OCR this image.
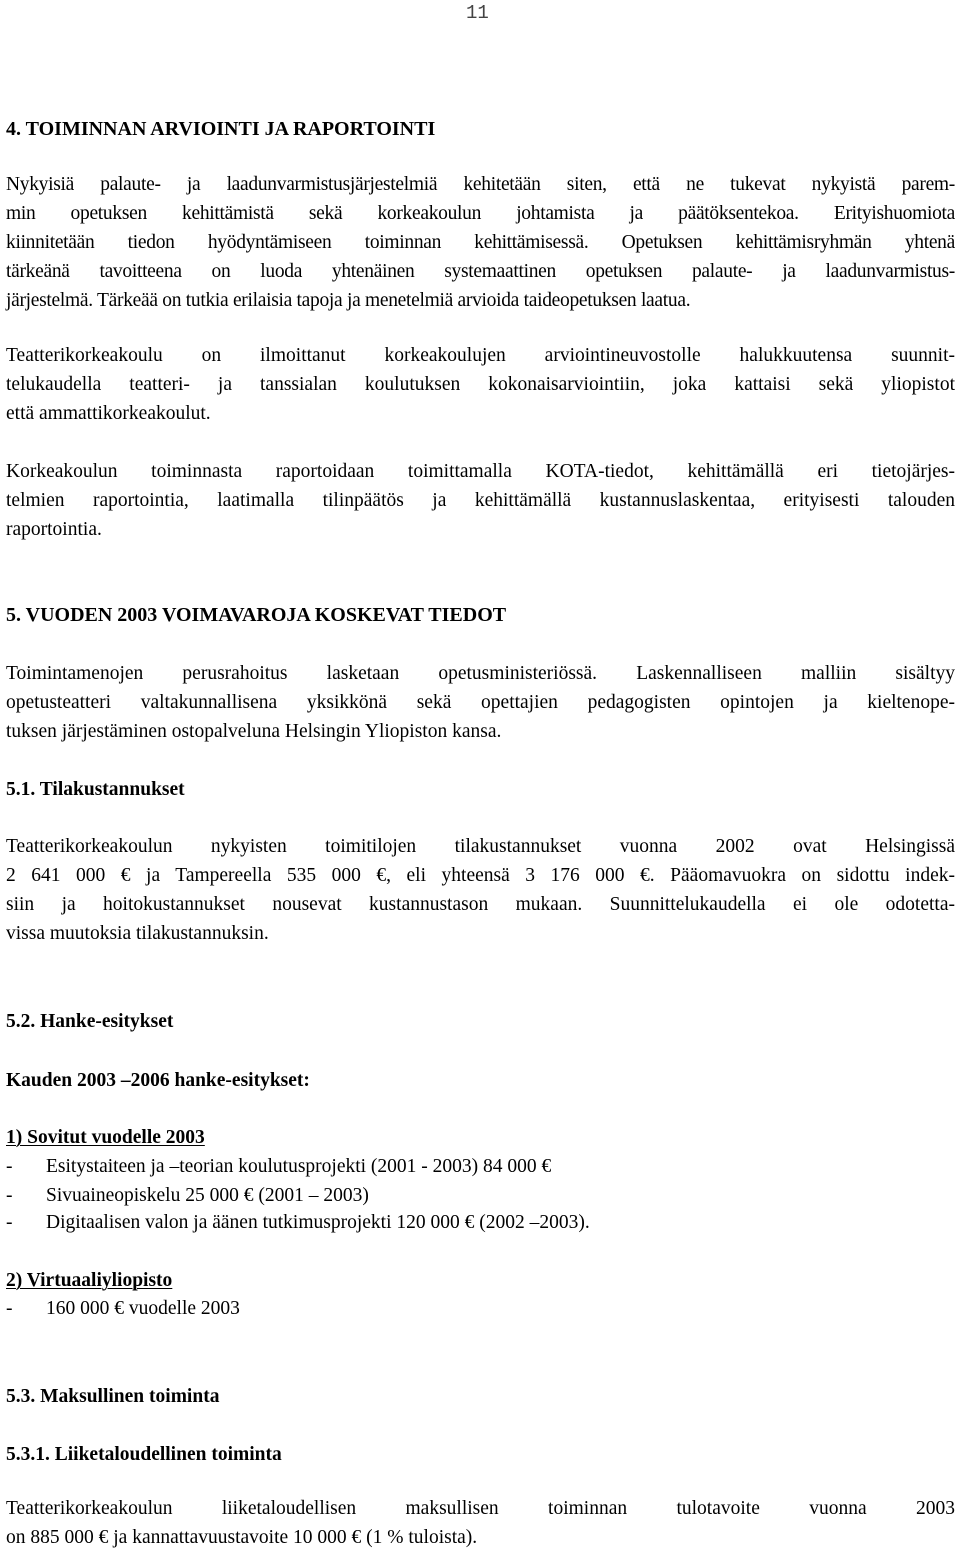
11
4. TOIMINNAN ARVIOINTI JA RAPORTOINTI
Nykyisiä palaute- ja laadunvarmistusjärjestelmiä kehitetään siten, että ne tukevat nykyistä parem-
min opetuksen kehittämistä sekä korkeakoulun johtamista ja päätöksentekoa. Erityishuomiota
kiinnitetään tiedon hyödyntämiseen toiminnan kehittämisessä. Opetuksen kehittämisryhmän yhtenä
tärkeänä tavoitteena on luoda yhtenäinen systemaattinen opetuksen palaute- ja laadunvarmistus-
järjestelmä. Tärkeää on tutkia erilaisia tapoja ja menetelmiä arvioida taideopetuksen laatua.
Teatterikorkeakoulu on ilmoittanut korkeakoulujen arviointineuvostolle halukkuutensa suunnit-
telukaudella teatteri- ja tanssialan koulutuksen kokonaisarviointiin, joka kattaisi sekä yliopistot
että ammattikorkeakoulut.
Korkeakoulun toiminnasta raportoidaan toimittamalla KOTA-tiedot, kehittämällä eri tietojärjes-
telmien raportointia, laatimalla tilinpäätös ja kehittämällä kustannuslaskentaa, erityisesti talouden
raportointia.
5. VUODEN 2003 VOIMAVAROJA KOSKEVAT TIEDOT
Toimintamenojen perusrahoitus lasketaan opetusministeriössä. Laskennalliseen malliin sisältyy
opetusteatteri valtakunnallisena yksikkönä sekä opettajien pedagogisten opintojen ja kieltenope-
tuksen järjestäminen ostopalveluna Helsingin Yliopiston kansa.
5.1. Tilakustannukset
Teatterikorkeakoulun nykyisten toimitilojen tilakustannukset vuonna 2002 ovat Helsingissä
2 641 000 € ja Tampereella 535 000 €, eli yhteensä 3 176 000 €. Pääomavuokra on sidottu indek-
siin ja hoitokustannukset nousevat kustannustason mukaan. Suunnittelukaudella ei ole odotetta-
vissa muutoksia tilakustannuksin.
5.2. Hanke-esitykset
Kauden 2003 –2006 hanke-esitykset:
1) Sovitut vuodelle 2003
- Esitystaiteen ja –teorian koulutusprojekti (2001 - 2003) 84 000 €
- Sivuaineopiskelu 25 000 € (2001 – 2003)
- Digitaalisen valon ja äänen tutkimusprojekti 120 000 € (2002 –2003).
2) Virtuaaliyliopisto
- 160 000 € vuodelle 2003
5.3. Maksullinen toiminta
5.3.1. Liiketaloudellinen toiminta
Teatterikorkeakoulun liiketaloudellisen maksullisen toiminnan tulotavoite vuonna 2003
on 885 000 € ja kannattavuustavoite 10 000 € (1 % tuloista).
